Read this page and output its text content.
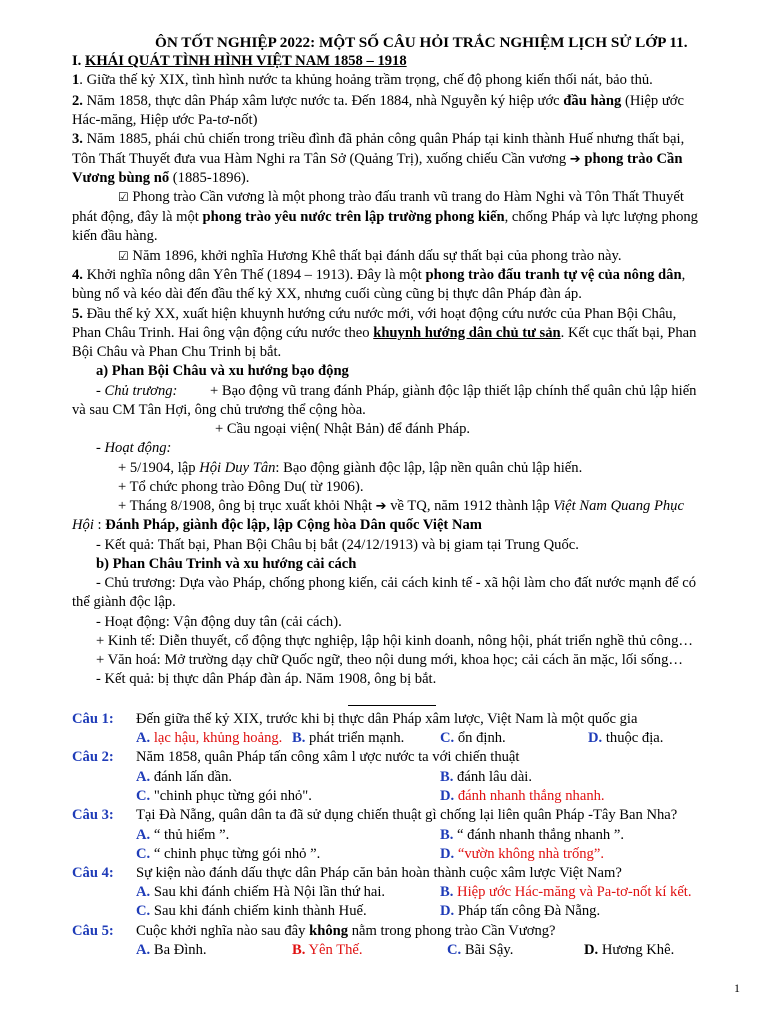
ÔN TỐT NGHIỆP 2022: MỘT SỐ CÂU HỎI TRẮC NGHIỆM LỊCH SỬ LỚP 11.
I. KHÁI QUÁT TÌNH HÌNH VIỆT NAM 1858 – 1918
1. Giữa thế kỷ XIX, tình hình nước ta khủng hoảng trầm trọng, chế độ phong kiến thối nát, bảo thủ.
2. Năm 1858, thực dân Pháp xâm lược nước ta. Đến 1884, nhà Nguyễn ký hiệp ước đầu hàng (Hiệp ước
Hác-măng, Hiệp ước Pa-tơ-nốt)
3. Năm 1885, phái chủ chiến trong triều đình đã phản công quân Pháp tại kinh thành Huế nhưng thất bại,
Tôn Thất Thuyết đưa vua Hàm Nghi ra Tân Sở (Quảng Trị), xuống chiếu Cần vương ➔ phong trào Cần
Vương bùng nổ (1885-1896).
☑ Phong trào Cần vương là một phong trào đấu tranh vũ trang do Hàm Nghi và Tôn Thất Thuyết
phát động, đây là một phong trào yêu nước trên lập trường phong kiến, chống Pháp và lực lượng phong
kiến đầu hàng.
☑ Năm 1896, khởi nghĩa Hương Khê thất bại đánh dấu sự thất bại của phong trào này.
4. Khởi nghĩa nông dân Yên Thế (1894 – 1913). Đây là một phong trào đấu tranh tự vệ của nông dân,
bùng nổ và kéo dài đến đầu thế kỷ XX, nhưng cuối cùng cũng bị thực dân Pháp đàn áp.
5. Đầu thế kỷ XX, xuất hiện khuynh hướng cứu nước mới, với hoạt động cứu nước của Phan Bội Châu,
Phan Châu Trinh. Hai ông vận động cứu nước theo khuynh hướng dân chủ tư sản. Kết cục thất bại, Phan
Bội Châu và Phan Chu Trinh bị bắt.
a) Phan Bội Châu và xu hướng bạo động
- Chủ trương: + Bạo động vũ trang đánh Pháp, giành độc lập thiết lập chính thể quân chủ lập hiến
và sau CM Tân Hợi, ông chủ trương thể cộng hòa.
+ Cầu ngoại viện( Nhật Bản) để đánh Pháp.
- Hoạt động:
+ 5/1904, lập Hội Duy Tân: Bạo động giành độc lập, lập nền quân chủ lập hiến.
+ Tổ chức phong trào Đông Du( từ 1906).
+ Tháng 8/1908, ông bị trục xuất khỏi Nhật ➔ về TQ, năm 1912 thành lập Việt Nam Quang Phục
Hội : Đánh Pháp, giành độc lập, lập Cộng hòa Dân quốc Việt Nam
- Kết quả: Thất bại, Phan Bội Châu bị bắt (24/12/1913) và bị giam tại Trung Quốc.
b) Phan Châu Trinh và xu hướng cải cách
- Chủ trương: Dựa vào Pháp, chống phong kiến, cải cách kinh tế - xã hội làm cho đất nước mạnh để có
thể giành độc lập.
- Hoạt động: Vận động duy tân (cải cách).
+ Kinh tế: Diễn thuyết, cổ động thực nghiệp, lập hội kinh doanh, nông hội, phát triển nghề thủ công…
+ Văn hoá: Mở trường dạy chữ Quốc ngữ, theo nội dung mới, khoa học; cải cách ăn mặc, lối sống…
- Kết quả: bị thực dân Pháp đàn áp. Năm 1908, ông bị bắt.
Câu 1: Đến giữa thế kỷ XIX, trước khi bị thực dân Pháp xâm lược, Việt Nam là một quốc gia
A. lạc hậu, khủng hoảng. B. phát triển mạnh. C. ổn định.	D. thuộc địa.
Câu 2: Năm 1858, quân Pháp tấn công xâm l ược nước ta với chiến thuật
A. đánh lấn dần.	B. đánh lâu dài.
C. "chinh phục từng gói nhỏ".	D. đánh nhanh thắng nhanh.
Câu 3: Tại Đà Nẵng, quân dân ta đã sử dụng chiến thuật gì chống lại liên quân Pháp -Tây Ban Nha?
A. “ thủ hiểm ”.	B. “ đánh nhanh thắng nhanh ”.
C. “ chinh phục từng gói nhỏ ”.	D. “vườn không nhà trống”.
Câu 4: Sự kiện nào đánh dấu thực dân Pháp căn bản hoàn thành cuộc xâm lược Việt Nam?
A. Sau khi đánh chiếm Hà Nội lần thứ hai.	B. Hiệp ước Hác-măng và Pa-tơ-nốt kí kết.
C. Sau khi đánh chiếm kinh thành Huế.	D. Pháp tấn công Đà Nẵng.
Câu 5: Cuộc khởi nghĩa nào sau đây không nằm trong phong trào Cần Vương?
A. Ba Đình.	B. Yên Thế.	C. Bãi Sậy.	D. Hương Khê.
1
